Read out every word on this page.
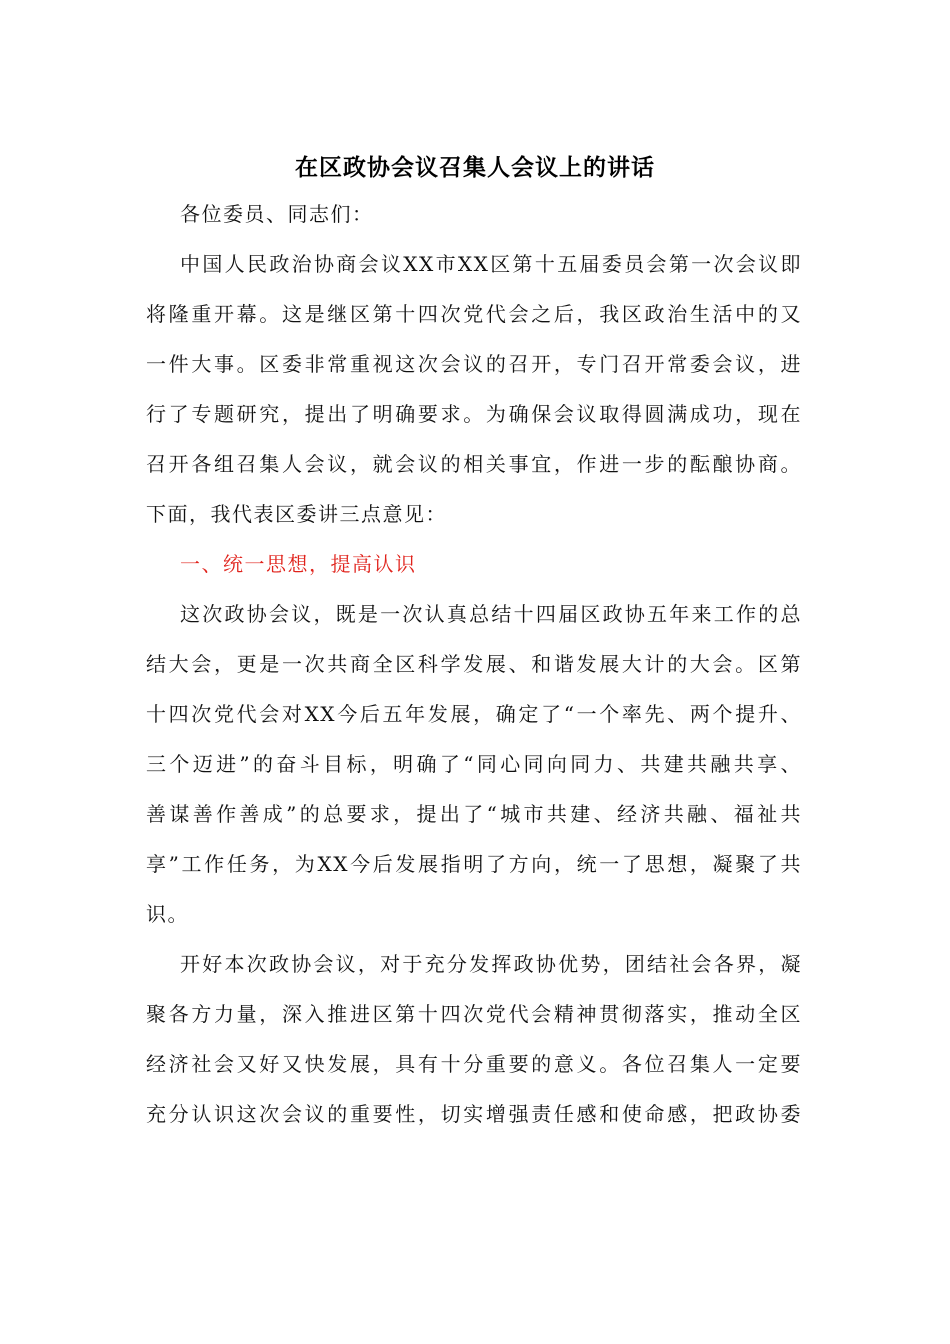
在区政协会议召集人会议上的讲话
各位委员、同志们：
中国人民政治协商会议XX市XX区第十五届委员会第一次会议即
将隆重开幕。这是继区第十四次党代会之后，我区政治生活中的又
一件大事。区委非常重视这次会议的召开，专门召开常委会议，进
行了专题研究，提出了明确要求。为确保会议取得圆满成功，现在
召开各组召集人会议，就会议的相关事宜，作进一步的酝酿协商。
下面，我代表区委讲三点意见：
一、统一思想，提高认识
这次政协会议，既是一次认真总结十四届区政协五年来工作的总
结大会，更是一次共商全区科学发展、和谐发展大计的大会。区第
十四次党代会对XX今后五年发展，确定了“一个率先、两个提升、
三个迈进”的奋斗目标，明确了“同心同向同力、共建共融共享、
善谋善作善成”的总要求，提出了“城市共建、经济共融、福祉共
享”工作任务，为XX今后发展指明了方向，统一了思想，凝聚了共
识。
开好本次政协会议，对于充分发挥政协优势，团结社会各界，凝
聚各方力量，深入推进区第十四次党代会精神贯彻落实，推动全区
经济社会又好又快发展，具有十分重要的意义。各位召集人一定要
充分认识这次会议的重要性，切实增强责任感和使命感，把政协委
